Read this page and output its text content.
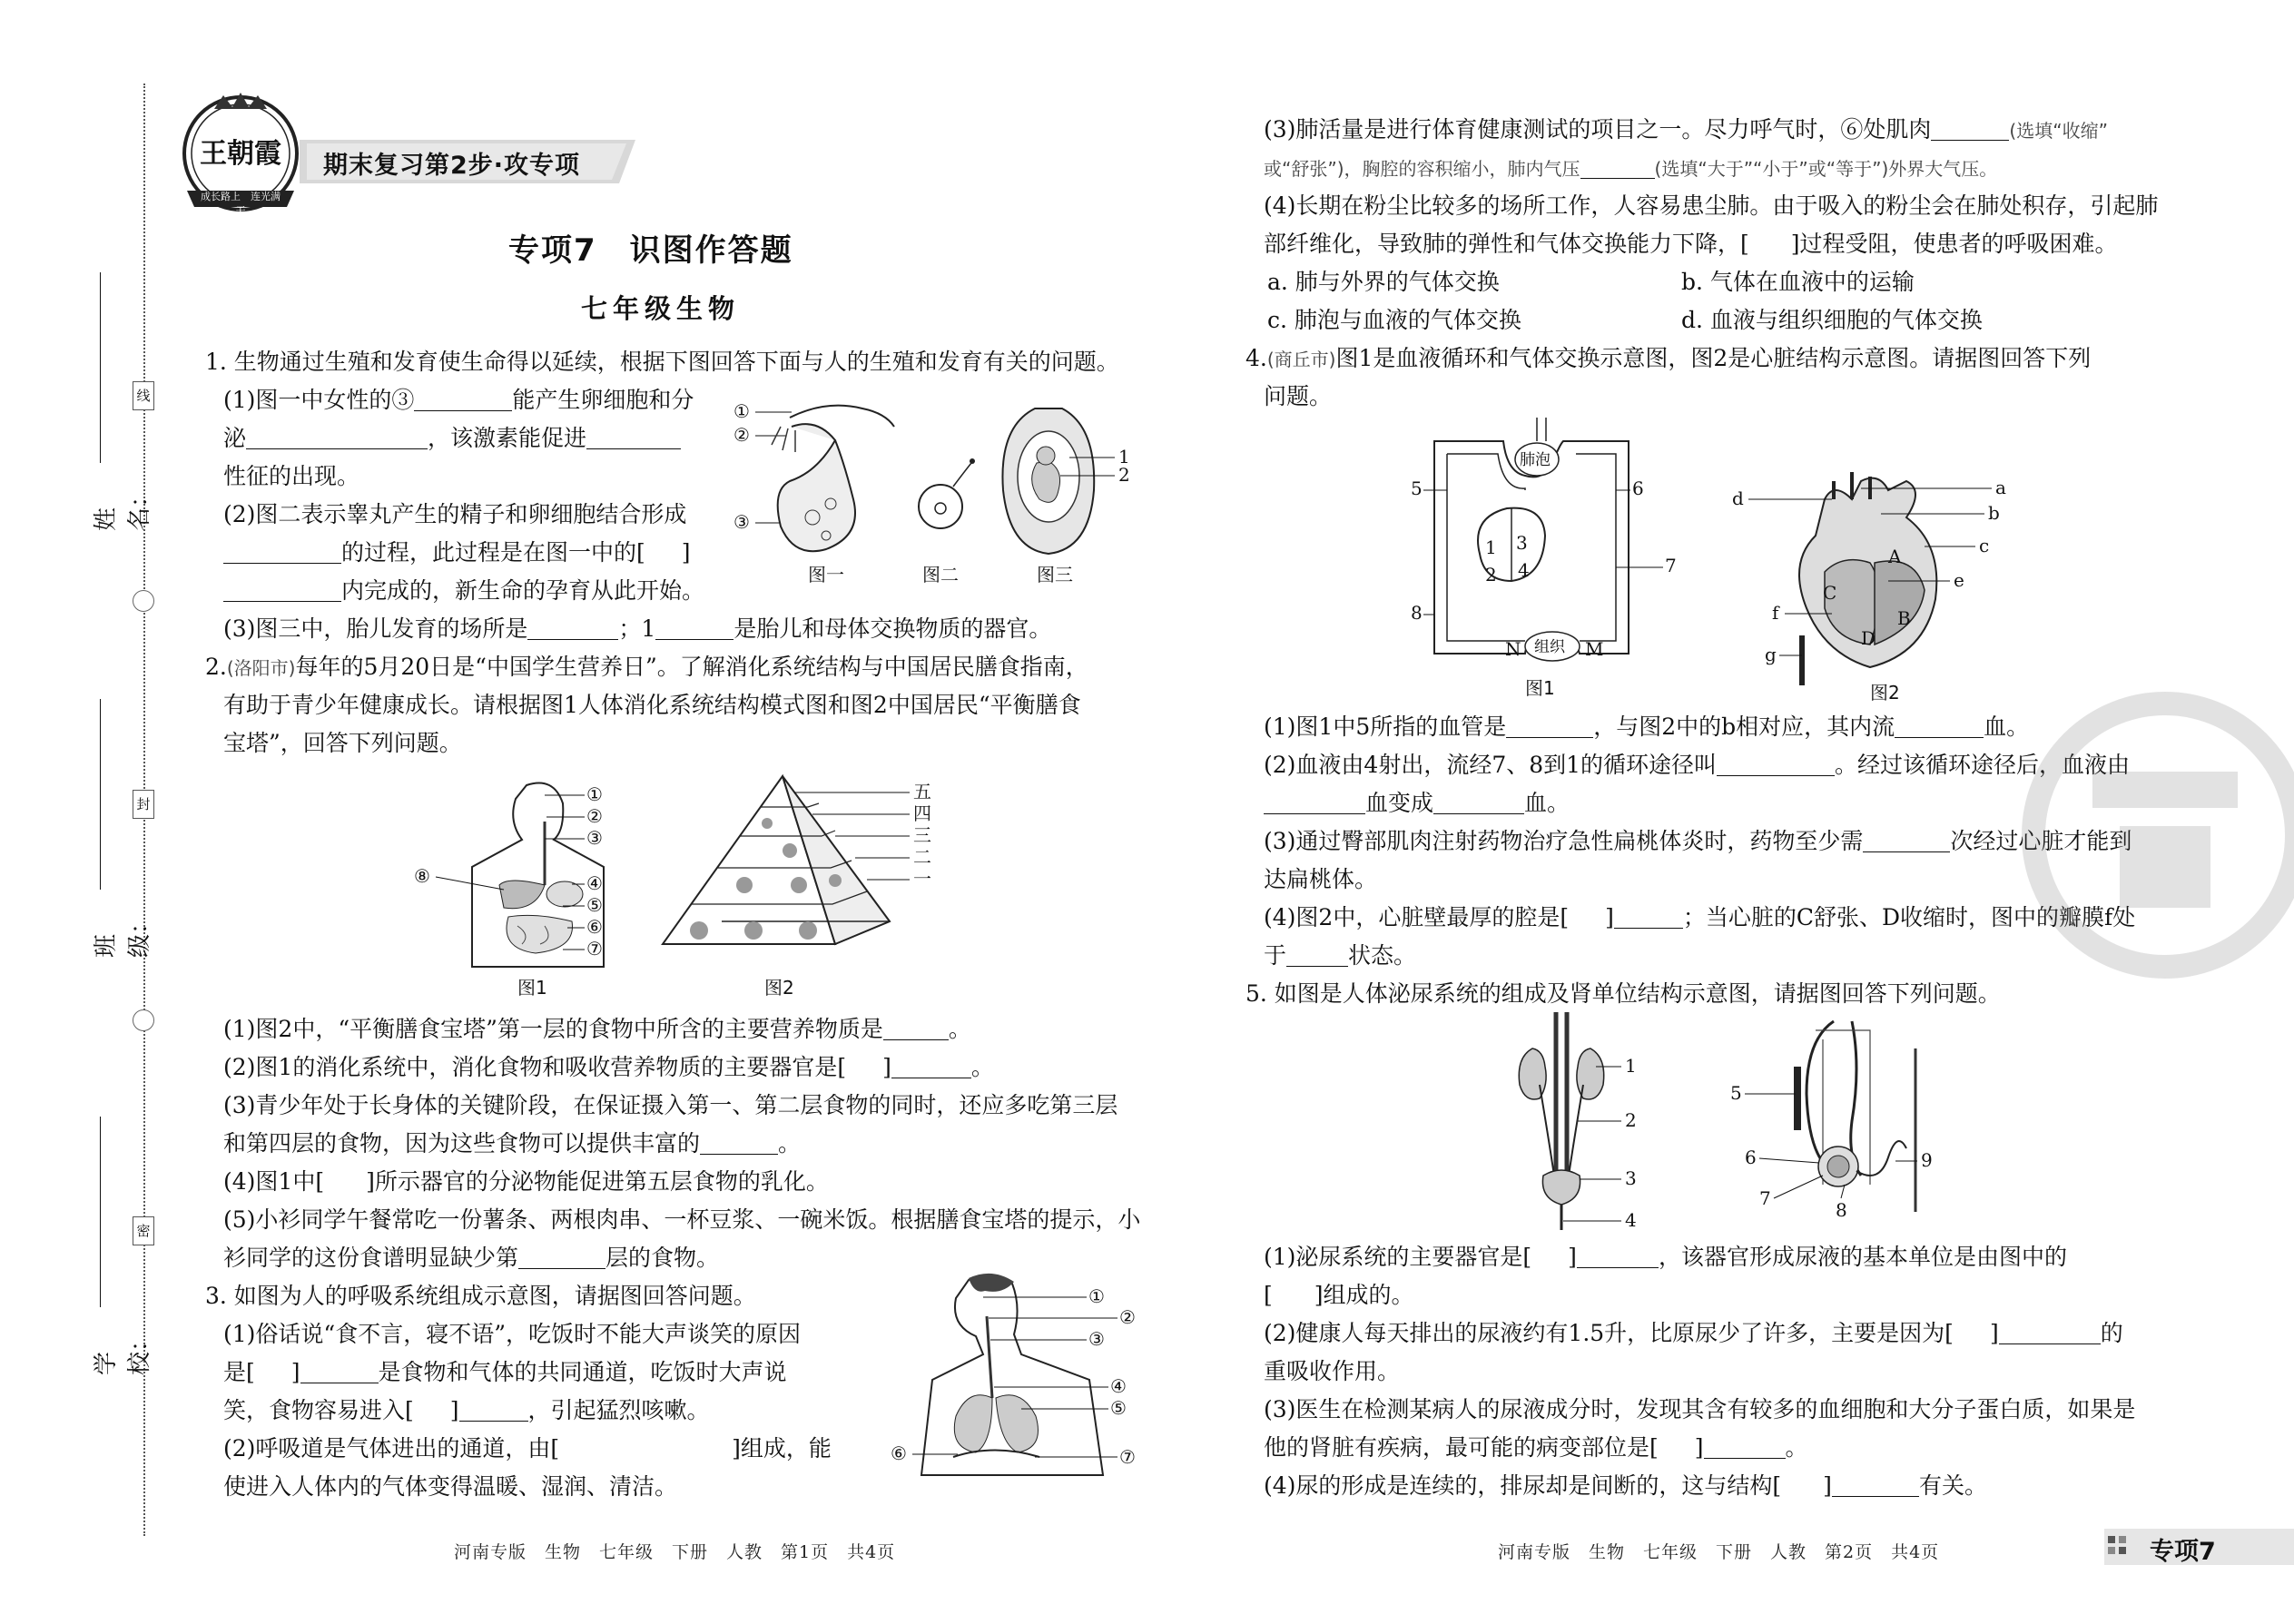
线
封
密
姓名：
班级：
学校：
王朝霞
成长路上　 连光满天
期末复习第2步·攻专项
专项7　识图作答题
七年级生物
1. 生物通过生殖和发育使生命得以延续，根据下图回答下面与人的生殖和发育有关的问题。
(1)图一中女性的③	能产生卵细胞和分
泌	，该激素能促进
性征的出现。
(2)图二表示睾丸产生的精子和卵细胞结合形成
的过程，此过程是在图一中的[ ]
内完成的，新生命的孕育从此开始。
(3)图三中，胎儿发育的场所是	；1	是胎儿和母体交换物质的器官。
①
②
③
1
2
图一	图二	图三
2.(洛阳市)每年的5月20日是“中国学生营养日”。了解消化系统结构与中国居民膳食指南，
有助于青少年健康成长。请根据图1人体消化系统结构模式图和图2中国居民“平衡膳食
宝塔”，回答下列问题。
①
②
③
④
⑤
⑥
⑦
⑧
图1
五
四
三
二
一
图2
(1)图2中，“平衡膳食宝塔”第一层的食物中所含的主要营养物质是	。
(2)图1的消化系统中，消化食物和吸收营养物质的主要器官是[ ]	。
(3)青少年处于长身体的关键阶段，在保证摄入第一、第二层食物的同时，还应多吃第三层
和第四层的食物，因为这些食物可以提供丰富的	。
(4)图1中[ ]所示器官的分泌物能促进第五层食物的乳化。
(5)小衫同学午餐常吃一份薯条、两根肉串、一杯豆浆、一碗米饭。根据膳食宝塔的提示，小
衫同学的这份食谱明显缺少第	层的食物。
3. 如图为人的呼吸系统组成示意图，请据图回答问题。
(1)俗话说“食不言，寝不语”，吃饭时不能大声谈笑的原因
是[ ]	是食物和气体的共同通道，吃饭时大声说
笑，食物容易进入[ ]	，引起猛烈咳嗽。
(2)呼吸道是气体进出的通道，由[	]组成，能
使进入人体内的气体变得温暖、湿润、清洁。
①
②
③
④
⑤
⑥	⑦
河南专版　生物　七年级　下册　人教　第1页　共4页
(3)肺活量是进行体育健康测试的项目之一。尽力呼气时，⑥处肌肉	(选填“收缩”
或“舒张”)，胸腔的容积缩小，肺内气压	(选填“大于”“小于”或“等于”)外界大气压。
(4)长期在粉尘比较多的场所工作，人容易患尘肺。由于吸入的粉尘会在肺处积存，引起肺
部纤维化，导致肺的弹性和气体交换能力下降，[ ]过程受阻，使患者的呼吸困难。
a. 肺与外界的气体交换	b. 气体在血液中的运输
c. 肺泡与血液的气体交换	d. 血液与组织细胞的气体交换
4.(商丘市)图1是血液循环和气体交换示意图，图2是心脏结构示意图。请据图回答下列
问题。
肺泡
组织
N	M
1
2
3
4
5	6
7
8
图1
A
B
C
D
a
b
c
d
e
f
g
图2
(1)图1中5所指的血管是	，与图2中的b相对应，其内流	血。
(2)血液由4射出，流经7、8到1的循环途径叫	。经过该循环途径后，血液由
血变成	血。
(3)通过臀部肌肉注射药物治疗急性扁桃体炎时，药物至少需	次经过心脏才能到
达扁桃体。
(4)图2中，心脏壁最厚的腔是[ ]	；当心脏的C舒张、D收缩时，图中的瓣膜f处
于	状态。
5. 如图是人体泌尿系统的组成及肾单位结构示意图，请据图回答下列问题。
1
2
3
4
5
6
7
8
9
(1)泌尿系统的主要器官是[ ]	，该器官形成尿液的基本单位是由图中的
[ ]组成的。
(2)健康人每天排出的尿液约有1.5升，比原尿少了许多，主要是因为[ ]	的
重吸收作用。
(3)医生在检测某病人的尿液成分时，发现其含有较多的血细胞和大分子蛋白质，如果是
他的肾脏有疾病，最可能的病变部位是[ ]	。
(4)尿的形成是连续的，排尿却是间断的，这与结构[ ]	有关。
河南专版　生物　七年级　下册　人教　第2页　共4页	专项7
